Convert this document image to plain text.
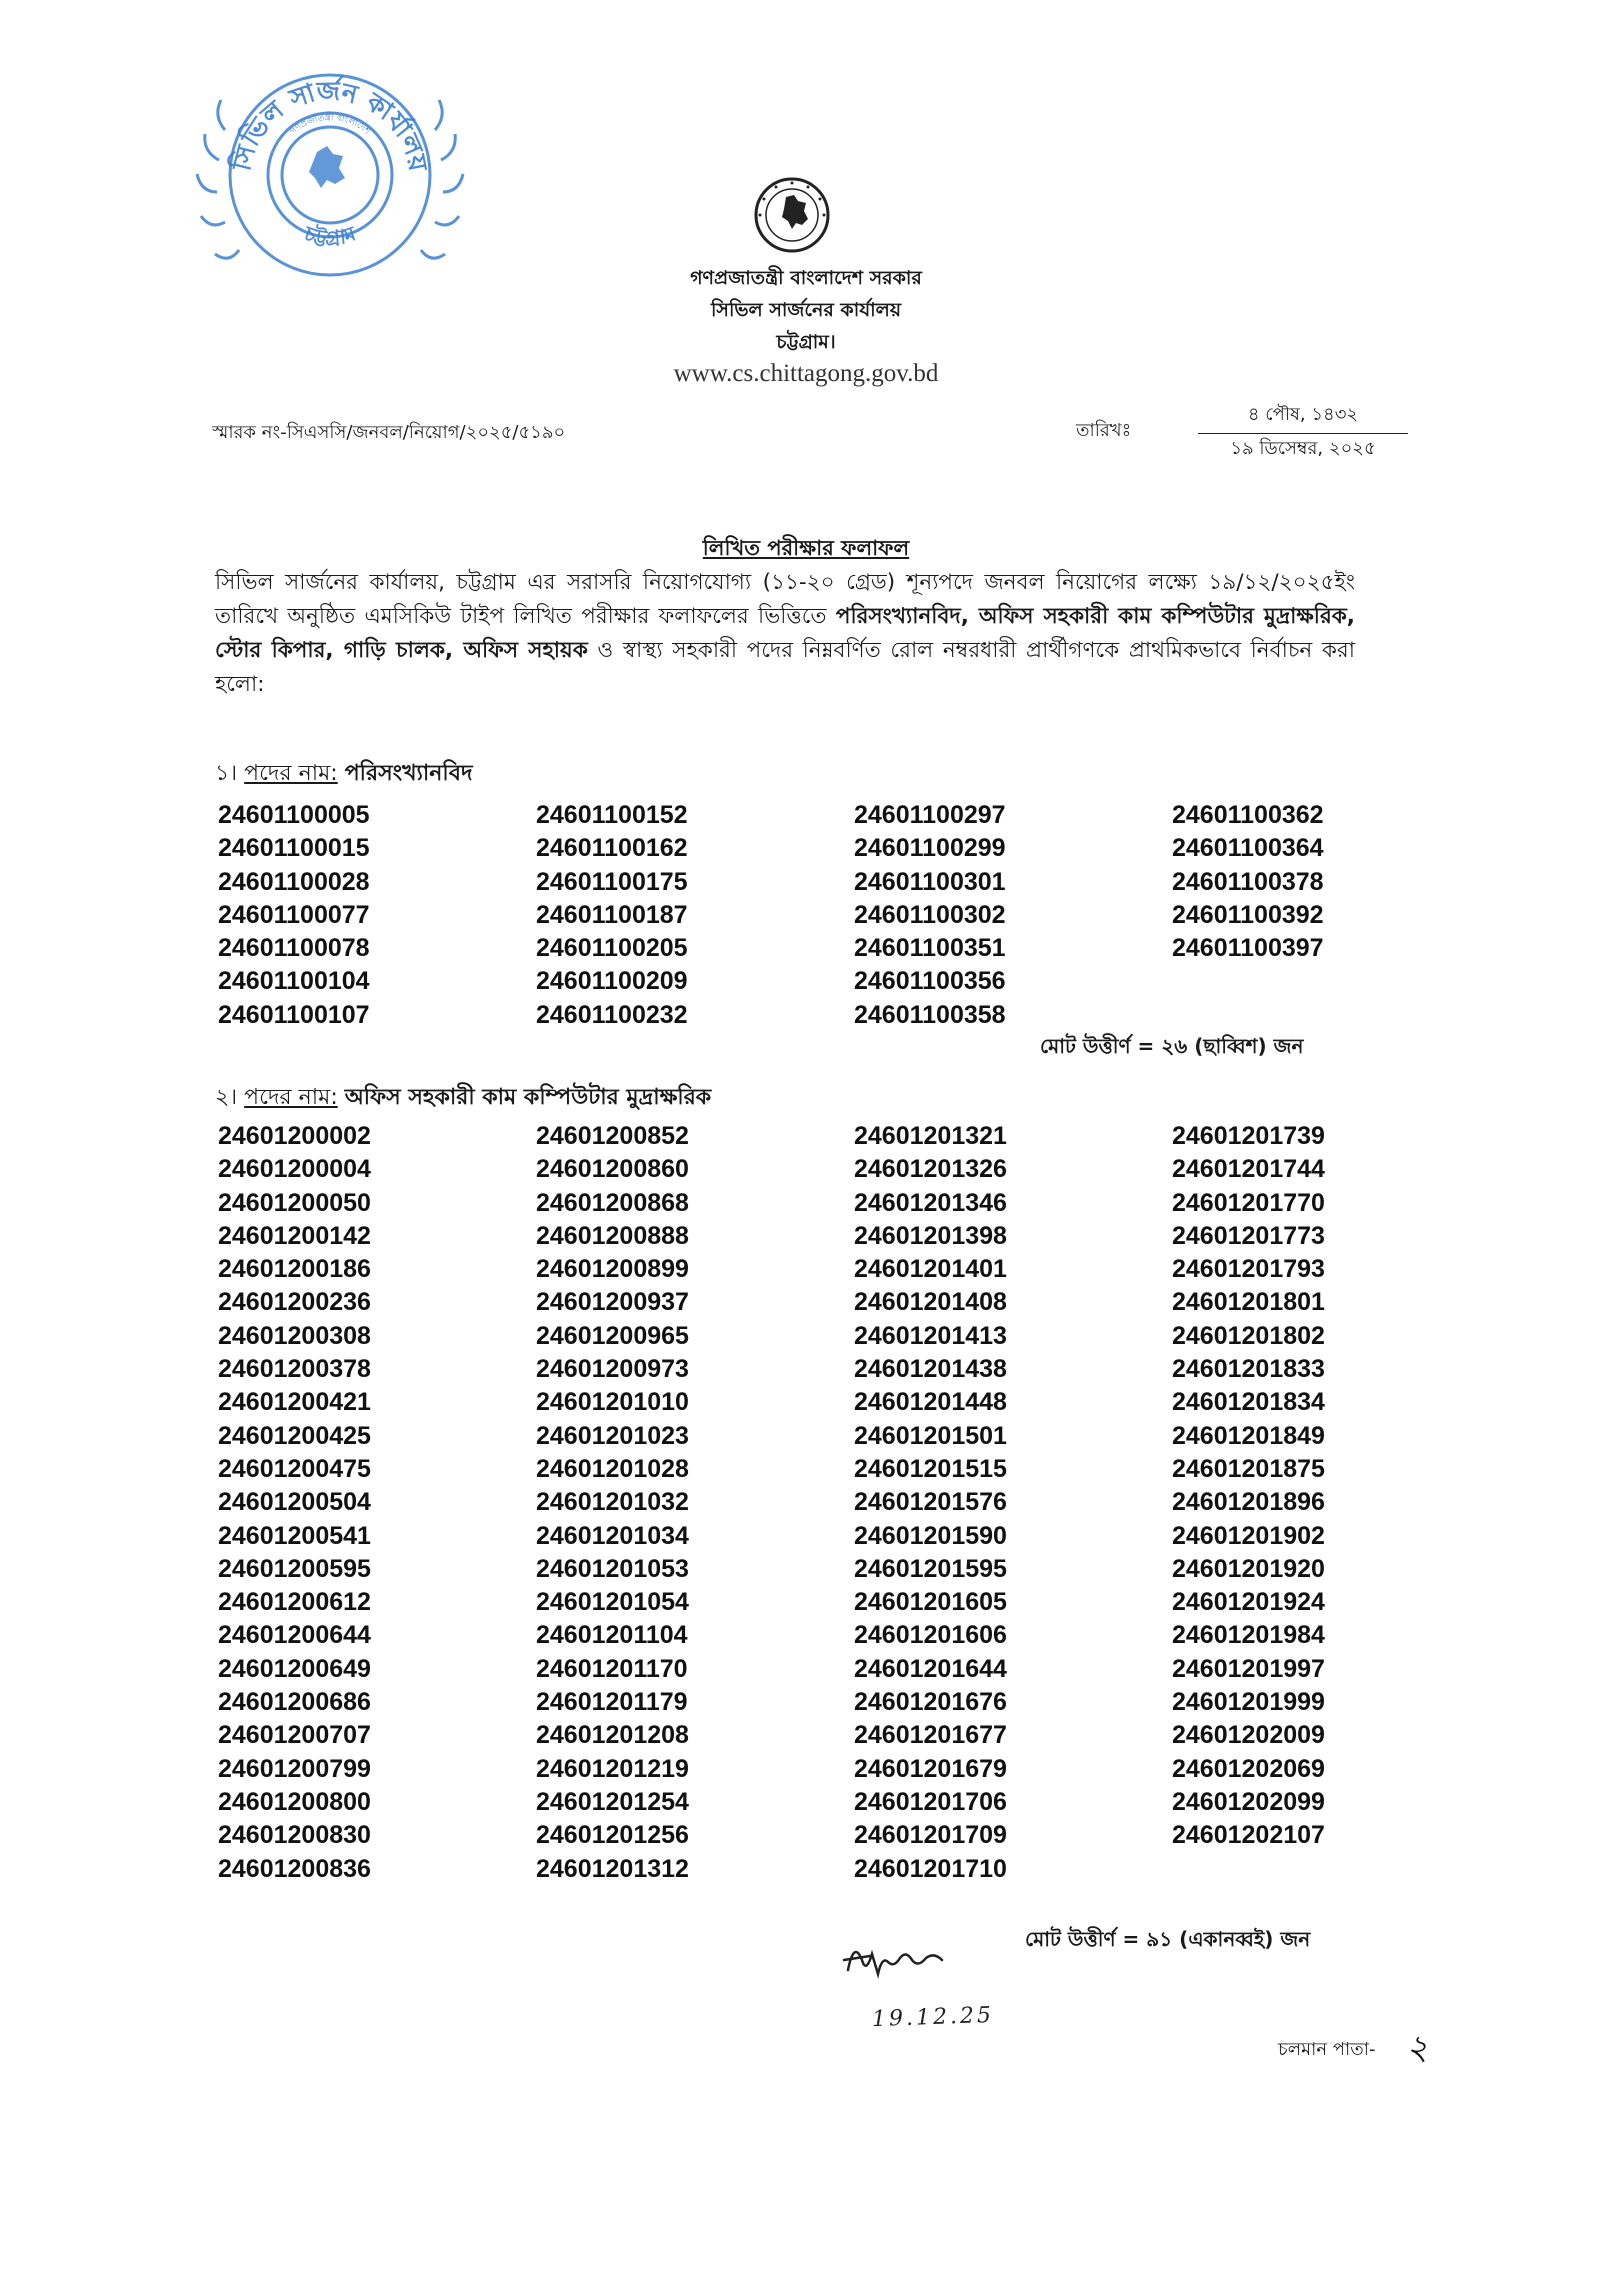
সিভিল সার্জন কার্যালয়
গণপ্রজাতন্ত্রী বাংলাদেশ
চট্টগ্রাম
গণপ্রজাতন্ত্রী বাংলাদেশ সরকার
সিভিল সার্জনের কার্যালয়
চট্টগ্রাম।
www.cs.chittagong.gov.bd
স্মারক নং-সিএসসি/জনবল/নিয়োগ/২০২৫/৫১৯০	তারিখঃ
৪ পৌষ, ১৪৩২
১৯ ডিসেম্বর, ২০২৫
লিখিত পরীক্ষার ফলাফল
সিভিল সার্জনের কার্যালয়, চট্টগ্রাম এর সরাসরি নিয়োগযোগ্য (১১-২০ গ্রেড) শূন্যপদে জনবল নিয়োগের লক্ষ্যে ১৯/১২/২০২৫ইং তারিখে অনুষ্ঠিত এমসিকিউ টাইপ লিখিত পরীক্ষার ফলাফলের ভিত্তিতে পরিসংখ্যানবিদ, অফিস সহকারী কাম কম্পিউটার মুদ্রাক্ষরিক, স্টোর কিপার, গাড়ি চালক, অফিস সহায়ক ও স্বাস্থ্য সহকারী পদের নিম্নবর্ণিত রোল নম্বরধারী প্রার্থীগণকে প্রাথমিকভাবে নির্বাচন করা হলো:
১। পদের নাম: পরিসংখ্যানবিদ
24601100005
24601100015
24601100028
24601100077
24601100078
24601100104
24601100107
24601100152
24601100162
24601100175
24601100187
24601100205
24601100209
24601100232
24601100297
24601100299
24601100301
24601100302
24601100351
24601100356
24601100358
24601100362
24601100364
24601100378
24601100392
24601100397
মোট উত্তীর্ণ = ২৬ (ছাব্বিশ) জন
২। পদের নাম: অফিস সহকারী কাম কম্পিউটার মুদ্রাক্ষরিক
24601200002
24601200004
24601200050
24601200142
24601200186
24601200236
24601200308
24601200378
24601200421
24601200425
24601200475
24601200504
24601200541
24601200595
24601200612
24601200644
24601200649
24601200686
24601200707
24601200799
24601200800
24601200830
24601200836
24601200852
24601200860
24601200868
24601200888
24601200899
24601200937
24601200965
24601200973
24601201010
24601201023
24601201028
24601201032
24601201034
24601201053
24601201054
24601201104
24601201170
24601201179
24601201208
24601201219
24601201254
24601201256
24601201312
24601201321
24601201326
24601201346
24601201398
24601201401
24601201408
24601201413
24601201438
24601201448
24601201501
24601201515
24601201576
24601201590
24601201595
24601201605
24601201606
24601201644
24601201676
24601201677
24601201679
24601201706
24601201709
24601201710
24601201739
24601201744
24601201770
24601201773
24601201793
24601201801
24601201802
24601201833
24601201834
24601201849
24601201875
24601201896
24601201902
24601201920
24601201924
24601201984
24601201997
24601201999
24601202009
24601202069
24601202099
24601202107
মোট উত্তীর্ণ = ৯১ (একানব্বই) জন
19.12.25
চলমান পাতা- ২
